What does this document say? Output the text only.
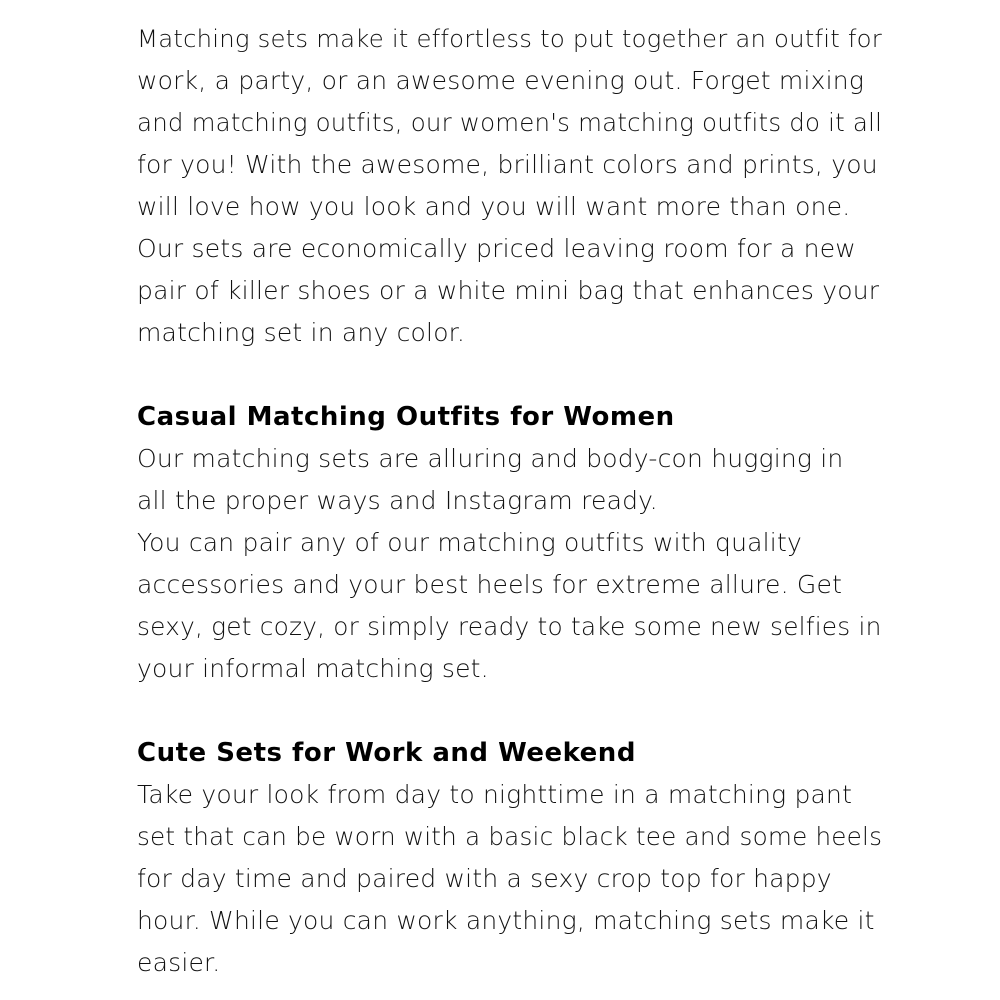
Matching sets make it effortless to put together an outfit for
work, a party, or an awesome evening out. Forget mixing
and matching outfits, our women's matching outfits do it all
for you! With the awesome, brilliant colors and prints, you
will love how you look and you will want more than one.
Our sets are economically priced leaving room for a new
pair of killer shoes or a white mini bag that enhances your
matching set in any color.

Casual Matching Outfits for Women

Our matching sets are alluring and body-con hugging in
all the proper ways and Instagram ready.
You can pair any of our matching outfits with quality
accessories and your best heels for extreme allure. Get
sexy, get cozy, or simply ready to take some new selfies in
your informal matching set.

Cute Sets for Work and Weekend

Take your look from day to nighttime in a matching pant
set that can be worn with a basic black tee and some heels
for day time and paired with a sexy crop top for happy
hour. While you can work anything, matching sets make it
easier.
